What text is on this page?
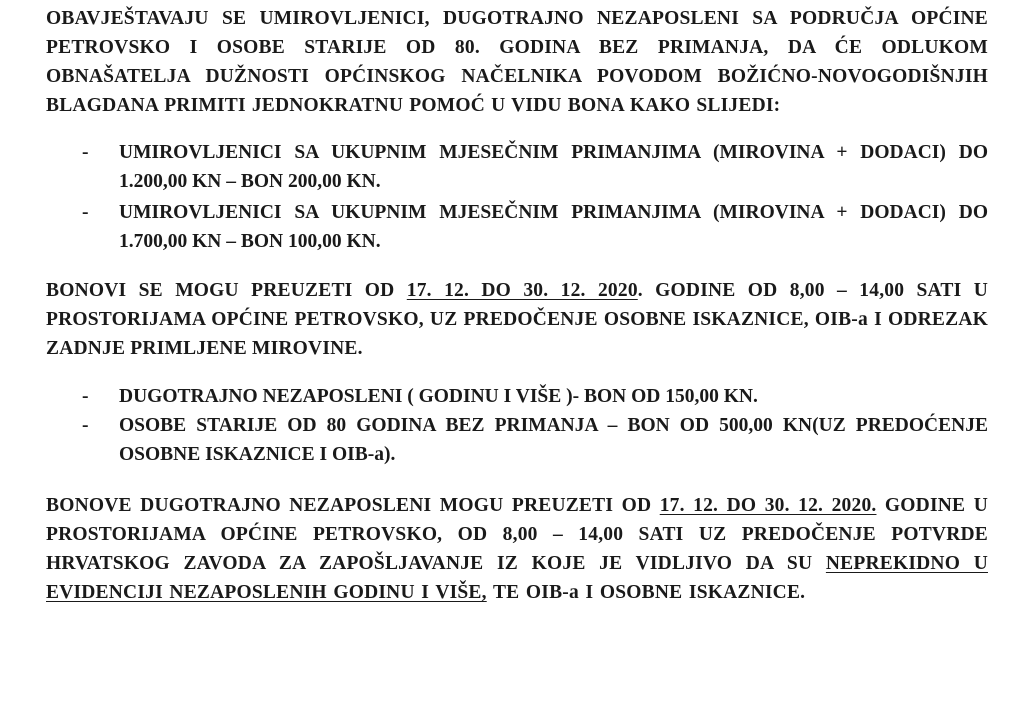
OBAVJEŠTAVAJU SE UMIROVLJENICI, DUGOTRAJNO NEZAPOSLENI SA PODRUČJA OPĆINE PETROVSKO I OSOBE STARIJE OD 80. GODINA BEZ PRIMANJA, DA ĆE ODLUKOM OBNAŠATELJA DUŽNOSTI OPĆINSKOG NAČELNIKA POVODOM BOŽIĆNO-NOVOGODIŠNJIH BLAGDANA PRIMITI JEDNOKRATNU POMOĆ U VIDU BONA KAKO SLIJEDI:

- UMIROVLJENICI SA UKUPNIM MJESEČNIM PRIMANJIMA (MIROVINA + DODACI) DO 1.200,00 KN – BON 200,00 KN.
- UMIROVLJENICI SA UKUPNIM MJESEČNIM PRIMANJIMA (MIROVINA + DODACI) DO 1.700,00 KN – BON 100,00 KN.

BONOVI SE MOGU PREUZETI OD 17. 12. DO 30. 12. 2020. GODINE OD 8,00 – 14,00 SATI U PROSTORIJAMA OPĆINE PETROVSKO, UZ PREDOČENJE OSOBNE ISKAZNICE, OIB-a I ODREZAK ZADNJE PRIMLJENE MIROVINE.

- DUGOTRAJNO NEZAPOSLENI ( GODINU I VIŠE )- BON OD 150,00 KN.
- OSOBE STARIJE OD 80 GODINA BEZ PRIMANJA – BON OD 500,00 KN(UZ PREDOĆENJE OSOBNE ISKAZNICE I OIB-a).

BONOVE DUGOTRAJNO NEZAPOSLENI MOGU PREUZETI OD 17. 12. DO 30. 12. 2020. GODINE U PROSTORIJAMA OPĆINE PETROVSKO, OD 8,00 – 14,00 SATI UZ PREDOČENJE POTVRDE HRVATSKOG ZAVODA ZA ZAPOŠLJAVANJE IZ KOJE JE VIDLJIVO DA SU NEPREKIDNO U EVIDENCIJI NEZAPOSLENIH GODINU I VIŠE, TE OIB-a I OSOBNE ISKAZNICE.
